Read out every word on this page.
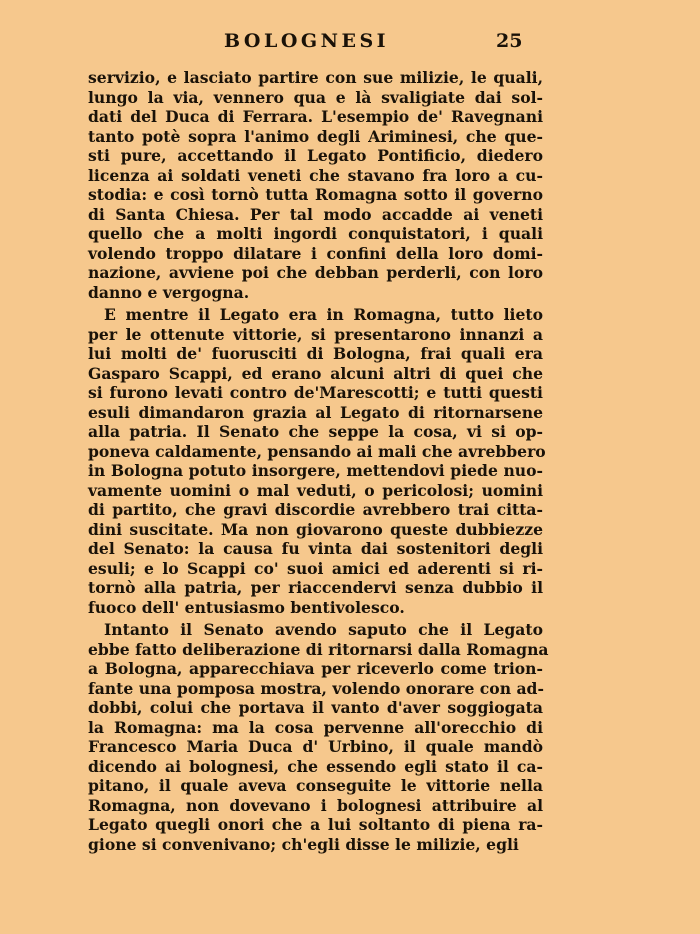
BOLOGNESI	25
servizio, e lasciato partire con sue milizie, le quali,
lungo la via, vennero qua e là svaligiate dai sol-
dati del Duca di Ferrara. L'esempio de' Ravegnani
tanto potè sopra l'animo degli Ariminesi, che que-
sti pure, accettando il Legato Pontificio, diedero
licenza ai soldati veneti che stavano fra loro a cu-
stodia: e così tornò tutta Romagna sotto il governo
di Santa Chiesa. Per tal modo accadde ai veneti
quello che a molti ingordi conquistatori, i quali
volendo troppo dilatare i confini della loro domi-
nazione, avviene poi che debban perderli, con loro
danno e vergogna.
E mentre il Legato era in Romagna, tutto lieto
per le ottenute vittorie, si presentarono innanzi a
lui molti de' fuorusciti di Bologna, frai quali era
Gasparo Scappi, ed erano alcuni altri di quei che
si furono levati contro de'Marescotti; e tutti questi
esuli dimandaron grazia al Legato di ritornarsene
alla patria. Il Senato che seppe la cosa, vi si op-
poneva caldamente, pensando ai mali che avrebbero
in Bologna potuto insorgere, mettendovi piede nuo-
vamente uomini o mal veduti, o pericolosi; uomini
di partito, che gravi discordie avrebbero trai citta-
dini suscitate. Ma non giovarono queste dubbiezze
del Senato: la causa fu vinta dai sostenitori degli
esuli; e lo Scappi co' suoi amici ed aderenti si ri-
tornò alla patria, per riaccendervi senza dubbio il
fuoco dell' entusiasmo bentivolesco.
Intanto il Senato avendo saputo che il Legato
ebbe fatto deliberazione di ritornarsi dalla Romagna
a Bologna, apparecchiava per riceverlo come trion-
fante una pomposa mostra, volendo onorare con ad-
dobbi, colui che portava il vanto d'aver soggiogata
la Romagna: ma la cosa pervenne all'orecchio di
Francesco Maria Duca d' Urbino, il quale mandò
dicendo ai bolognesi, che essendo egli stato il ca-
pitano, il quale aveva conseguite le vittorie nella
Romagna, non dovevano i bolognesi attribuire al
Legato quegli onori che a lui soltanto di piena ra-
gione si convenivano; ch'egli disse le milizie, egli
